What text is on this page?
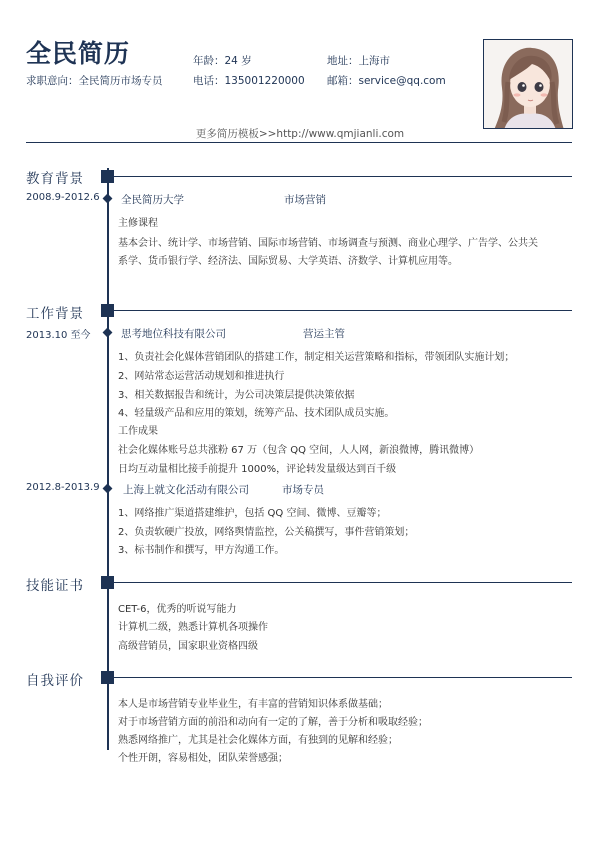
全民简历
求职意向：全民简历市场专员
年龄：24 岁
电话：135001220000
地址：上海市
邮箱：service@qq.com
更多简历模板>>http://www.qmjianli.com
教育背景
2008.9-2012.6 全民简历大学	市场营销
主修课程
基本会计、统计学、市场营销、国际市场营销、市场调查与预测、商业心理学、广告学、公共关
系学、货币银行学、经济法、国际贸易、大学英语、济数学、计算机应用等。
工作背景
2013.10 至今	思考地位科技有限公司	营运主管
1、负责社会化媒体营销团队的搭建工作，制定相关运营策略和指标，带领团队实施计划；
2、网站常态运营活动规划和推进执行
3、相关数据报告和统计，为公司决策层提供决策依据
4、轻量级产品和应用的策划，统筹产品、技术团队成员实施。
工作成果
社会化媒体账号总共涨粉 67 万（包含 QQ 空间，人人网，新浪微博，腾讯微博）
日均互动量相比接手前提升 1000%，评论转发量级达到百千级
2012.8-2013.9 上海上就文化活动有限公司	市场专员
1、网络推广渠道搭建维护，包括 QQ 空间、微博、豆瓣等；
2、负责软硬广投放，网络舆情监控，公关稿撰写，事件营销策划；
3、标书制作和撰写，甲方沟通工作。
技能证书
CET-6，优秀的听说写能力
计算机二级，熟悉计算机各项操作
高级营销员，国家职业资格四级
自我评价
本人是市场营销专业毕业生，有丰富的营销知识体系做基础；
对于市场营销方面的前沿和动向有一定的了解，善于分析和吸取经验；
熟悉网络推广，尤其是社会化媒体方面，有独到的见解和经验；
个性开朗，容易相处，团队荣誉感强；
